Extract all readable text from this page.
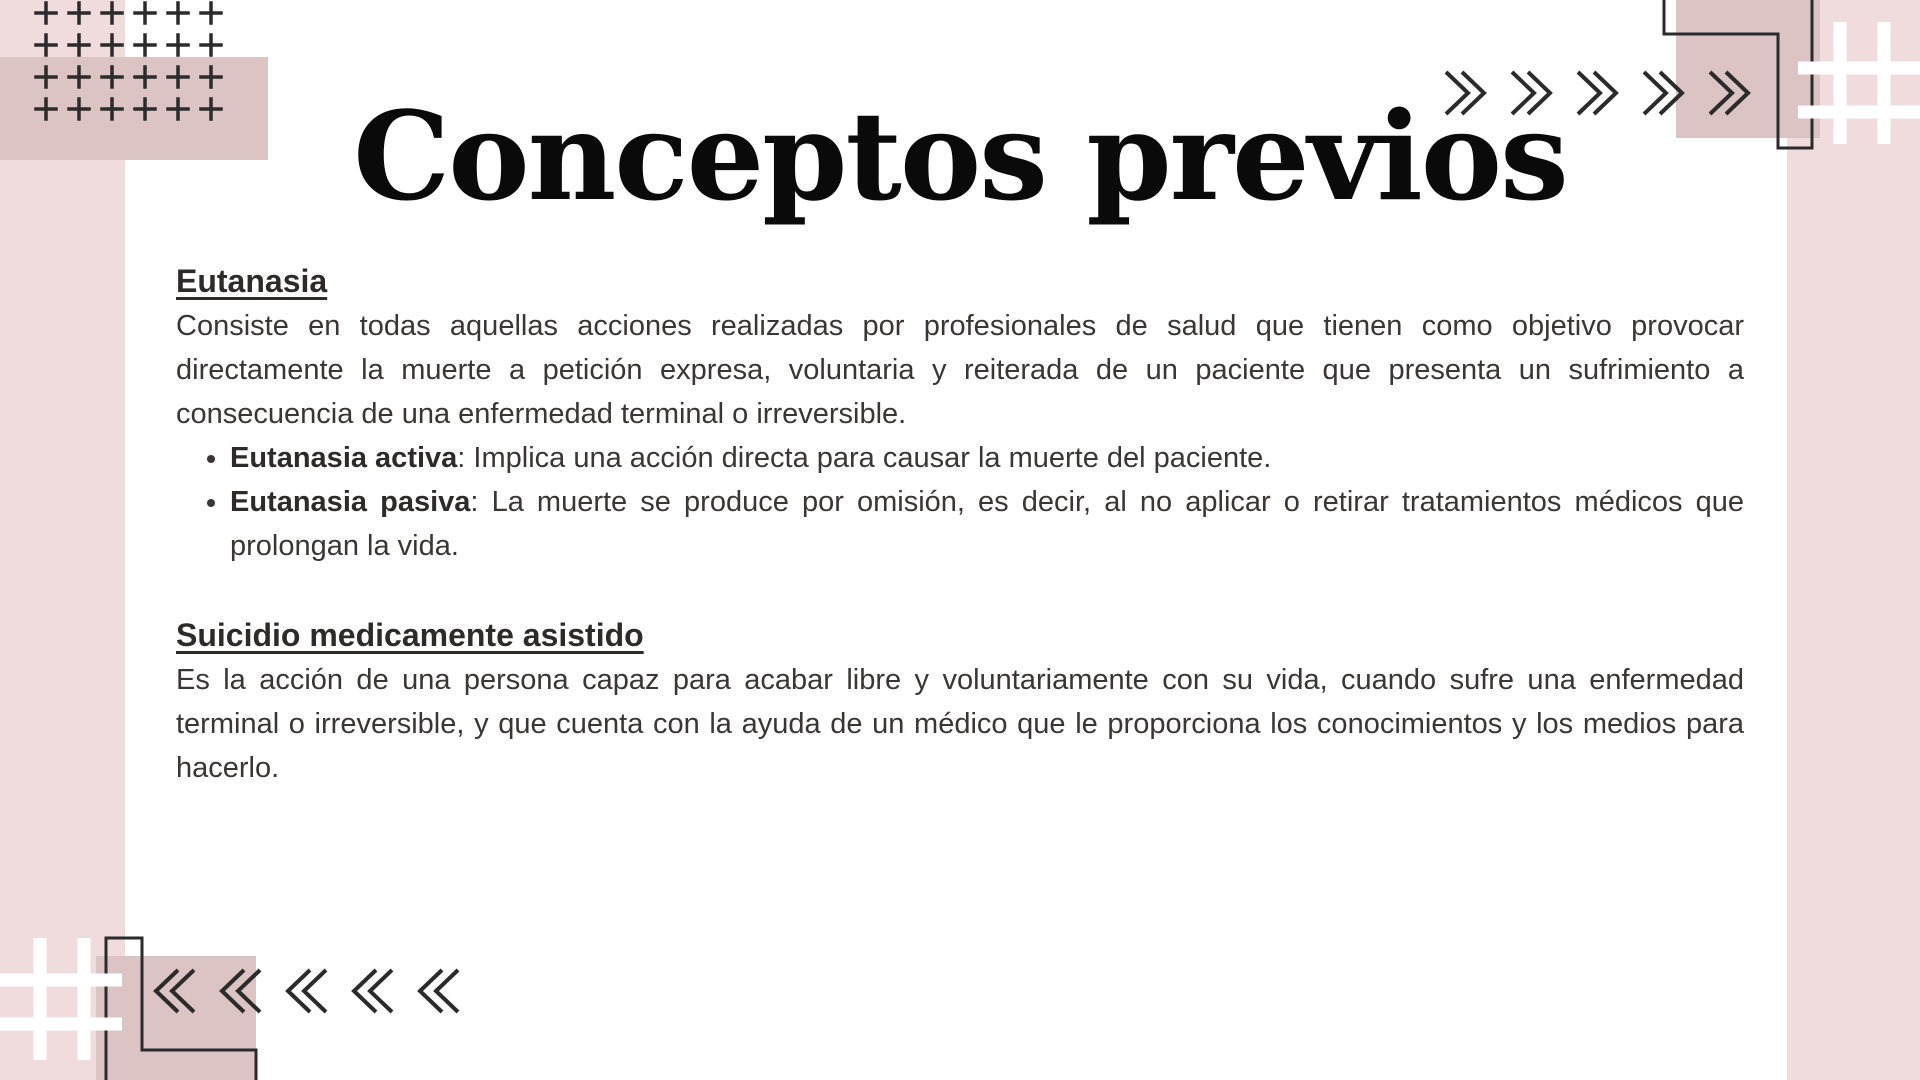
Conceptos previos
Eutanasia

Consiste en todas aquellas acciones realizadas por profesionales de salud que tienen como objetivo provocar directamente la muerte a petición expresa, voluntaria y reiterada de un paciente que presenta un sufrimiento a consecuencia de una enfermedad terminal o irreversible.

• Eutanasia activa: Implica una acción directa para causar la muerte del paciente.
• Eutanasia pasiva: La muerte se produce por omisión, es decir, al no aplicar o retirar tratamientos médicos que prolongan la vida.
Suicidio medicamente asistido

Es la acción de una persona capaz para acabar libre y voluntariamente con su vida, cuando sufre una enfermedad terminal o irreversible, y que cuenta con la ayuda de un médico que le proporciona los conocimientos y los medios para hacerlo.
